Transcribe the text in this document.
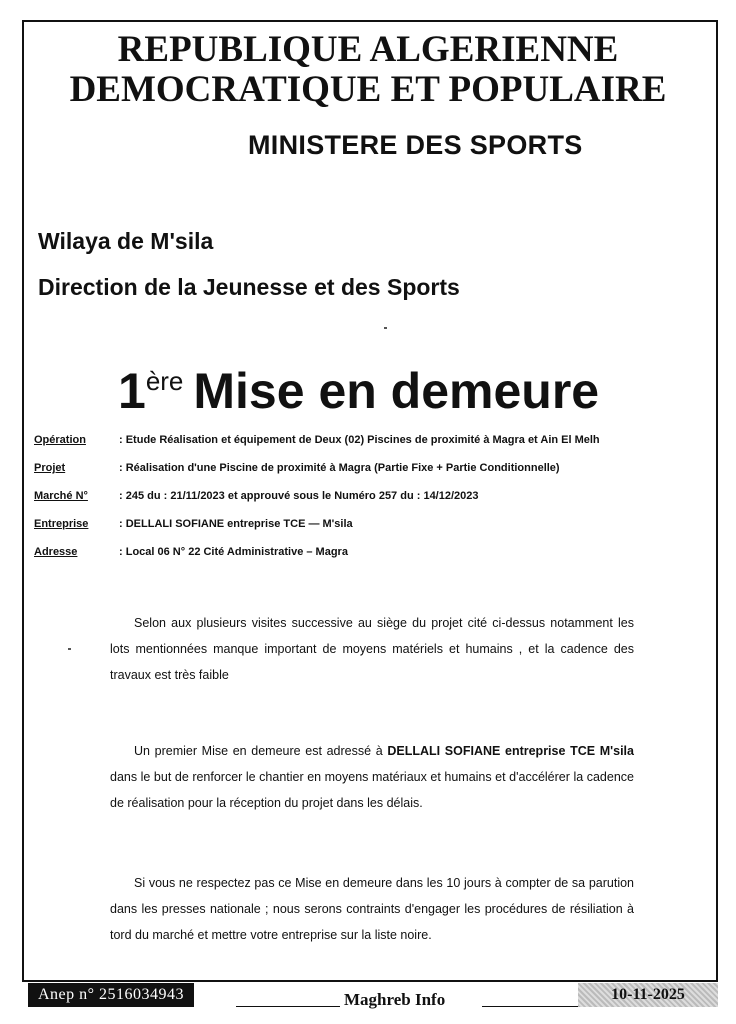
REPUBLIQUE ALGERIENNE
DEMOCRATIQUE ET POPULAIRE
MINISTERE DES SPORTS
Wilaya de M'sila
Direction de la Jeunesse et des Sports
1ère Mise en demeure
Opération	: Etude Réalisation et équipement de Deux (02) Piscines de proximité à Magra et Ain El Melh
Projet	: Réalisation d'une Piscine de proximité à Magra (Partie Fixe + Partie Conditionnelle)
Marché N°	: 245 du : 21/11/2023 et approuvé sous le Numéro 257 du : 14/12/2023
Entreprise	: DELLALI SOFIANE entreprise TCE — M'sila
Adresse	: Local 06 N° 22 Cité Administrative – Magra
Selon aux plusieurs visites successive au siège du projet cité ci-dessus notamment les lots mentionnées manque important de moyens matériels et humains , et la cadence des travaux est très faible
Un premier Mise en demeure est adressé à DELLALI SOFIANE entreprise TCE M'sila dans le but de renforcer le chantier en moyens matériaux et humains et d'accélérer la cadence de réalisation pour la réception du projet dans les délais.
Si vous ne respectez pas ce Mise en demeure dans les 10 jours à compter de sa parution dans les presses nationale ; nous serons contraints d'engager les procédures de résiliation à tord du marché et mettre votre entreprise sur la liste noire.
Anep n° 2516034943	Maghreb Info	10-11-2025
